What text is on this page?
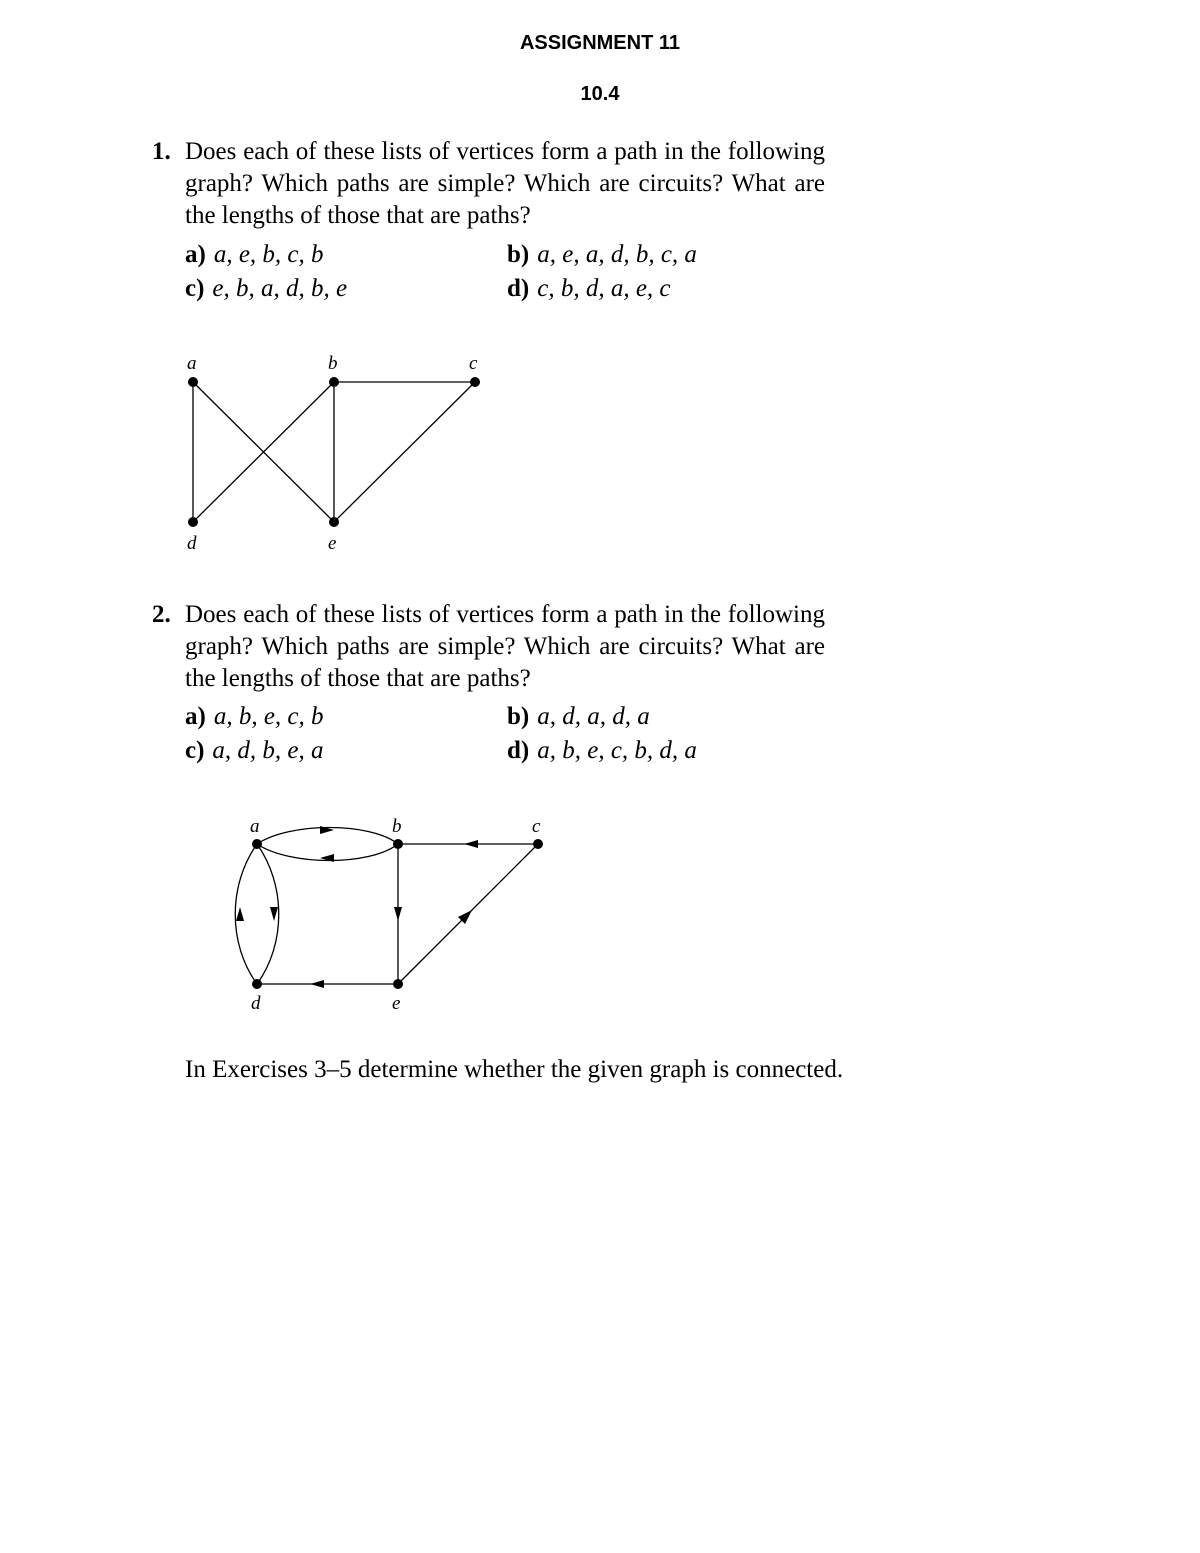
ASSIGNMENT 11
10.4
1. Does each of these lists of vertices form a path in the following graph? Which paths are simple? Which are circuits? What are the lengths of those that are paths?
a) a, e, b, c, b	b) a, e, a, d, b, c, a
c) e, b, a, d, b, e	d) c, b, d, a, e, c
a	b	c
d	e
2. Does each of these lists of vertices form a path in the following graph? Which paths are simple? Which are circuits? What are the lengths of those that are paths?
a) a, b, e, c, b	b) a, d, a, d, a
c) a, d, b, e, a	d) a, b, e, c, b, d, a
a	b	c
d	e
In Exercises 3–5 determine whether the given graph is connected.
